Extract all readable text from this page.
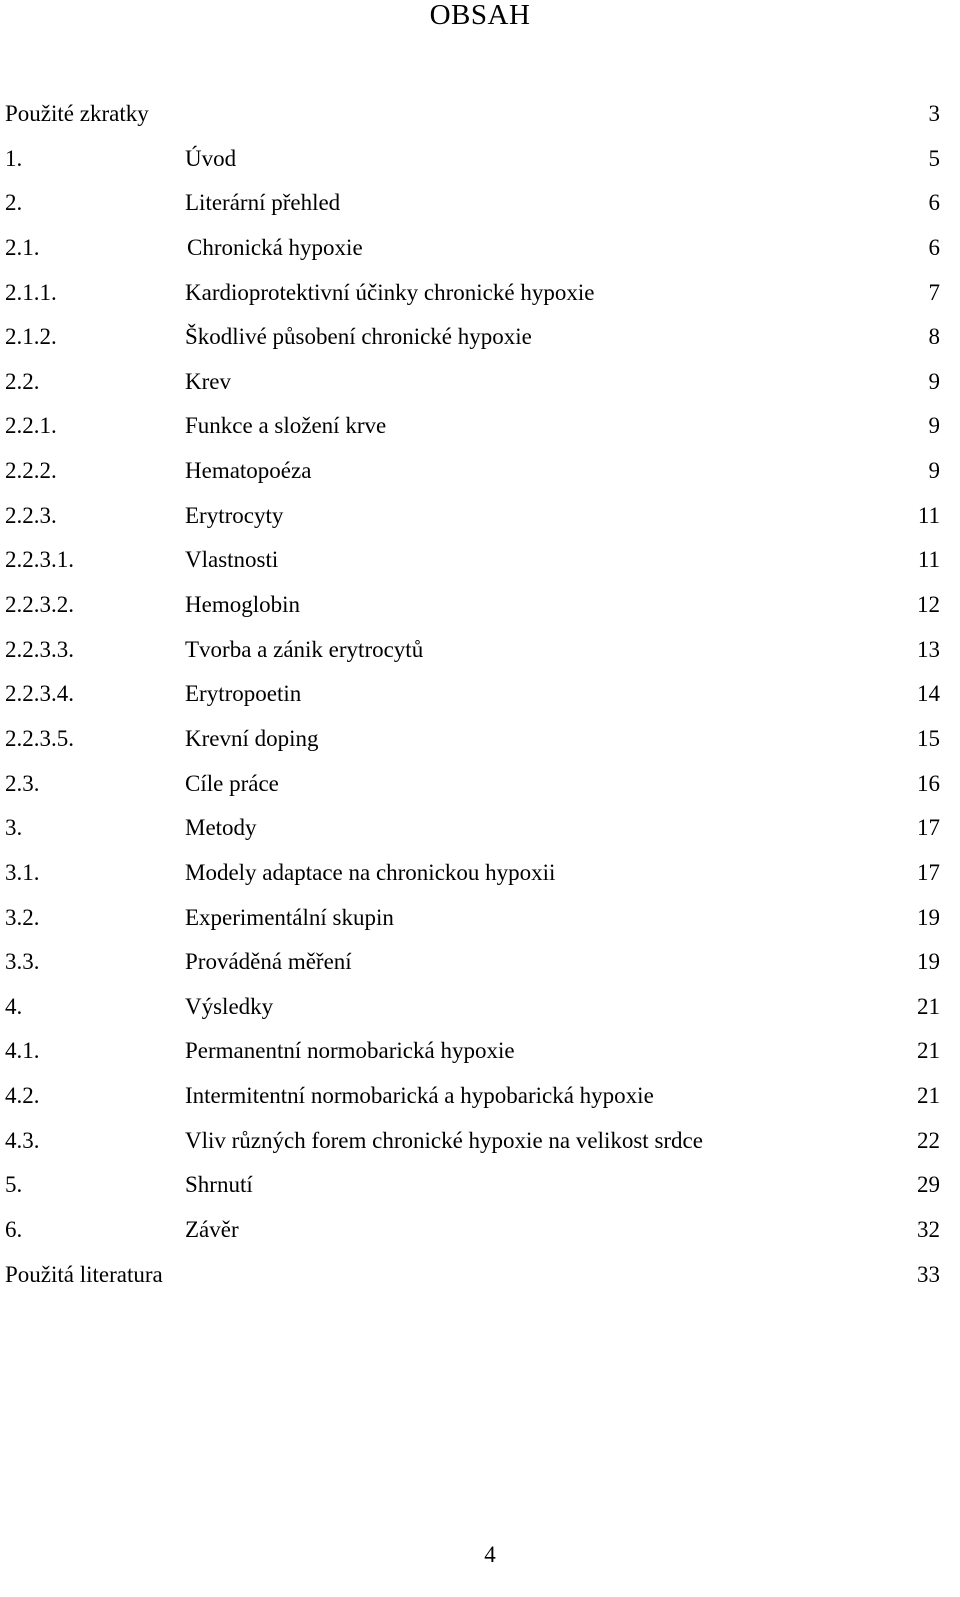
OBSAH
Použité zkratky	3
1.	Úvod	5
2.	Literární přehled	6
2.1.	Chronická hypoxie	6
2.1.1.	Kardioprotektivní účinky chronické hypoxie	7
2.1.2.	Škodlivé působení chronické hypoxie	8
2.2.	Krev	9
2.2.1.	Funkce a složení krve	9
2.2.2.	Hematopoéza	9
2.2.3.	Erytrocyty	11
2.2.3.1.	Vlastnosti	11
2.2.3.2.	Hemoglobin	12
2.2.3.3.	Tvorba a zánik erytrocytů	13
2.2.3.4.	Erytropoetin	14
2.2.3.5.	Krevní doping	15
2.3.	Cíle práce	16
3.	Metody	17
3.1.	Modely adaptace na chronickou hypoxii	17
3.2.	Experimentální skupin	19
3.3.	Prováděná měření	19
4.	Výsledky	21
4.1.	Permanentní normobarická hypoxie	21
4.2.	Intermitentní normobarická a hypobarická hypoxie	21
4.3.	Vliv různých forem chronické hypoxie na velikost srdce	22
5.	Shrnutí	29
6.	Závěr	32
Použitá literatura	33
4
